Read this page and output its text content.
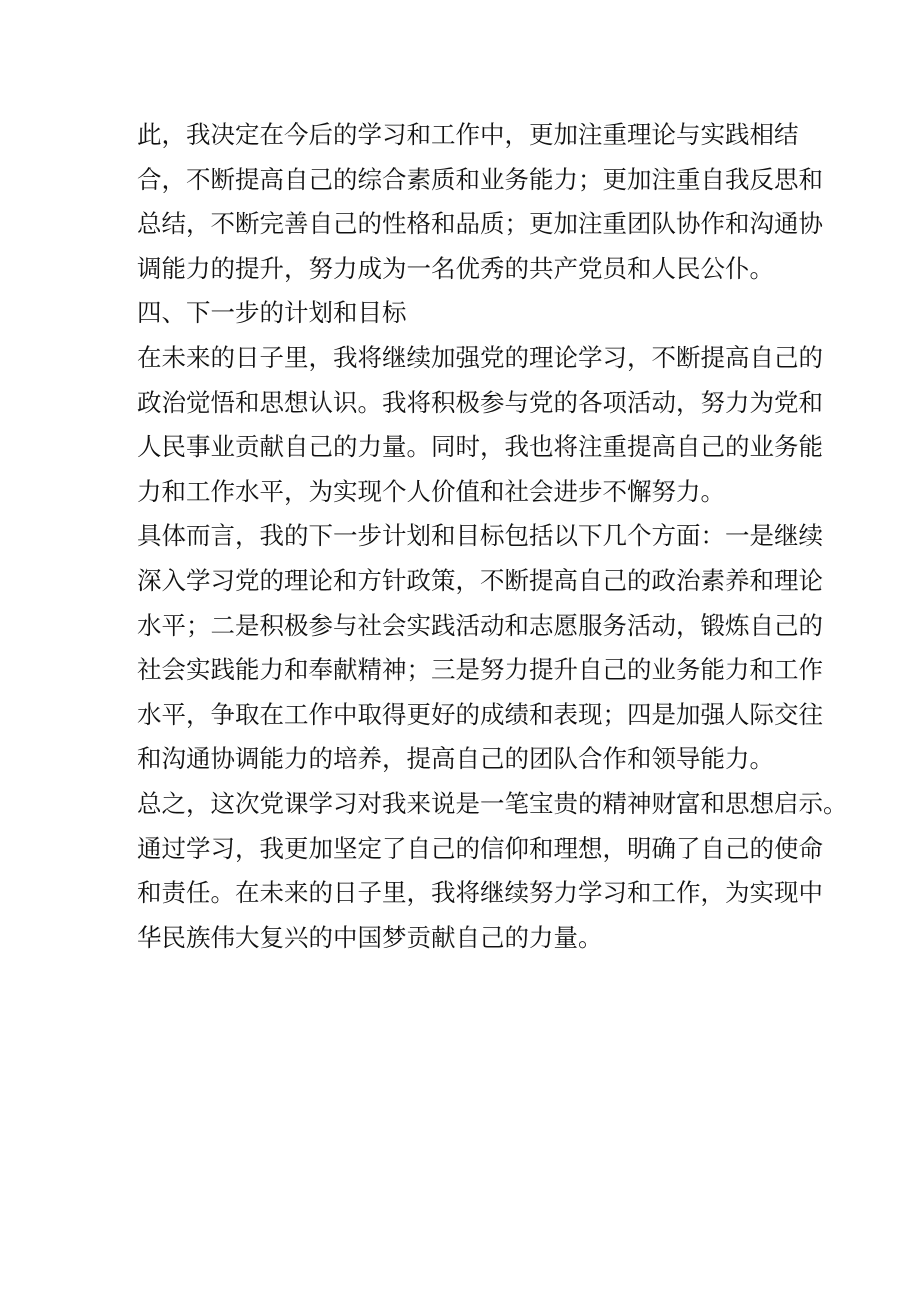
此，我决定在今后的学习和工作中，更加注重理论与实践相结
合，不断提高自己的综合素质和业务能力；更加注重自我反思和
总结，不断完善自己的性格和品质；更加注重团队协作和沟通协
调能力的提升，努力成为一名优秀的共产党员和人民公仆。
四、下一步的计划和目标
在未来的日子里，我将继续加强党的理论学习，不断提高自己的
政治觉悟和思想认识。我将积极参与党的各项活动，努力为党和
人民事业贡献自己的力量。同时，我也将注重提高自己的业务能
力和工作水平，为实现个人价值和社会进步不懈努力。
具体而言，我的下一步计划和目标包括以下几个方面：一是继续
深入学习党的理论和方针政策，不断提高自己的政治素养和理论
水平；二是积极参与社会实践活动和志愿服务活动，锻炼自己的
社会实践能力和奉献精神；三是努力提升自己的业务能力和工作
水平，争取在工作中取得更好的成绩和表现；四是加强人际交往
和沟通协调能力的培养，提高自己的团队合作和领导能力。
总之，这次党课学习对我来说是一笔宝贵的精神财富和思想启示。
通过学习，我更加坚定了自己的信仰和理想，明确了自己的使命
和责任。在未来的日子里，我将继续努力学习和工作，为实现中
华民族伟大复兴的中国梦贡献自己的力量。
